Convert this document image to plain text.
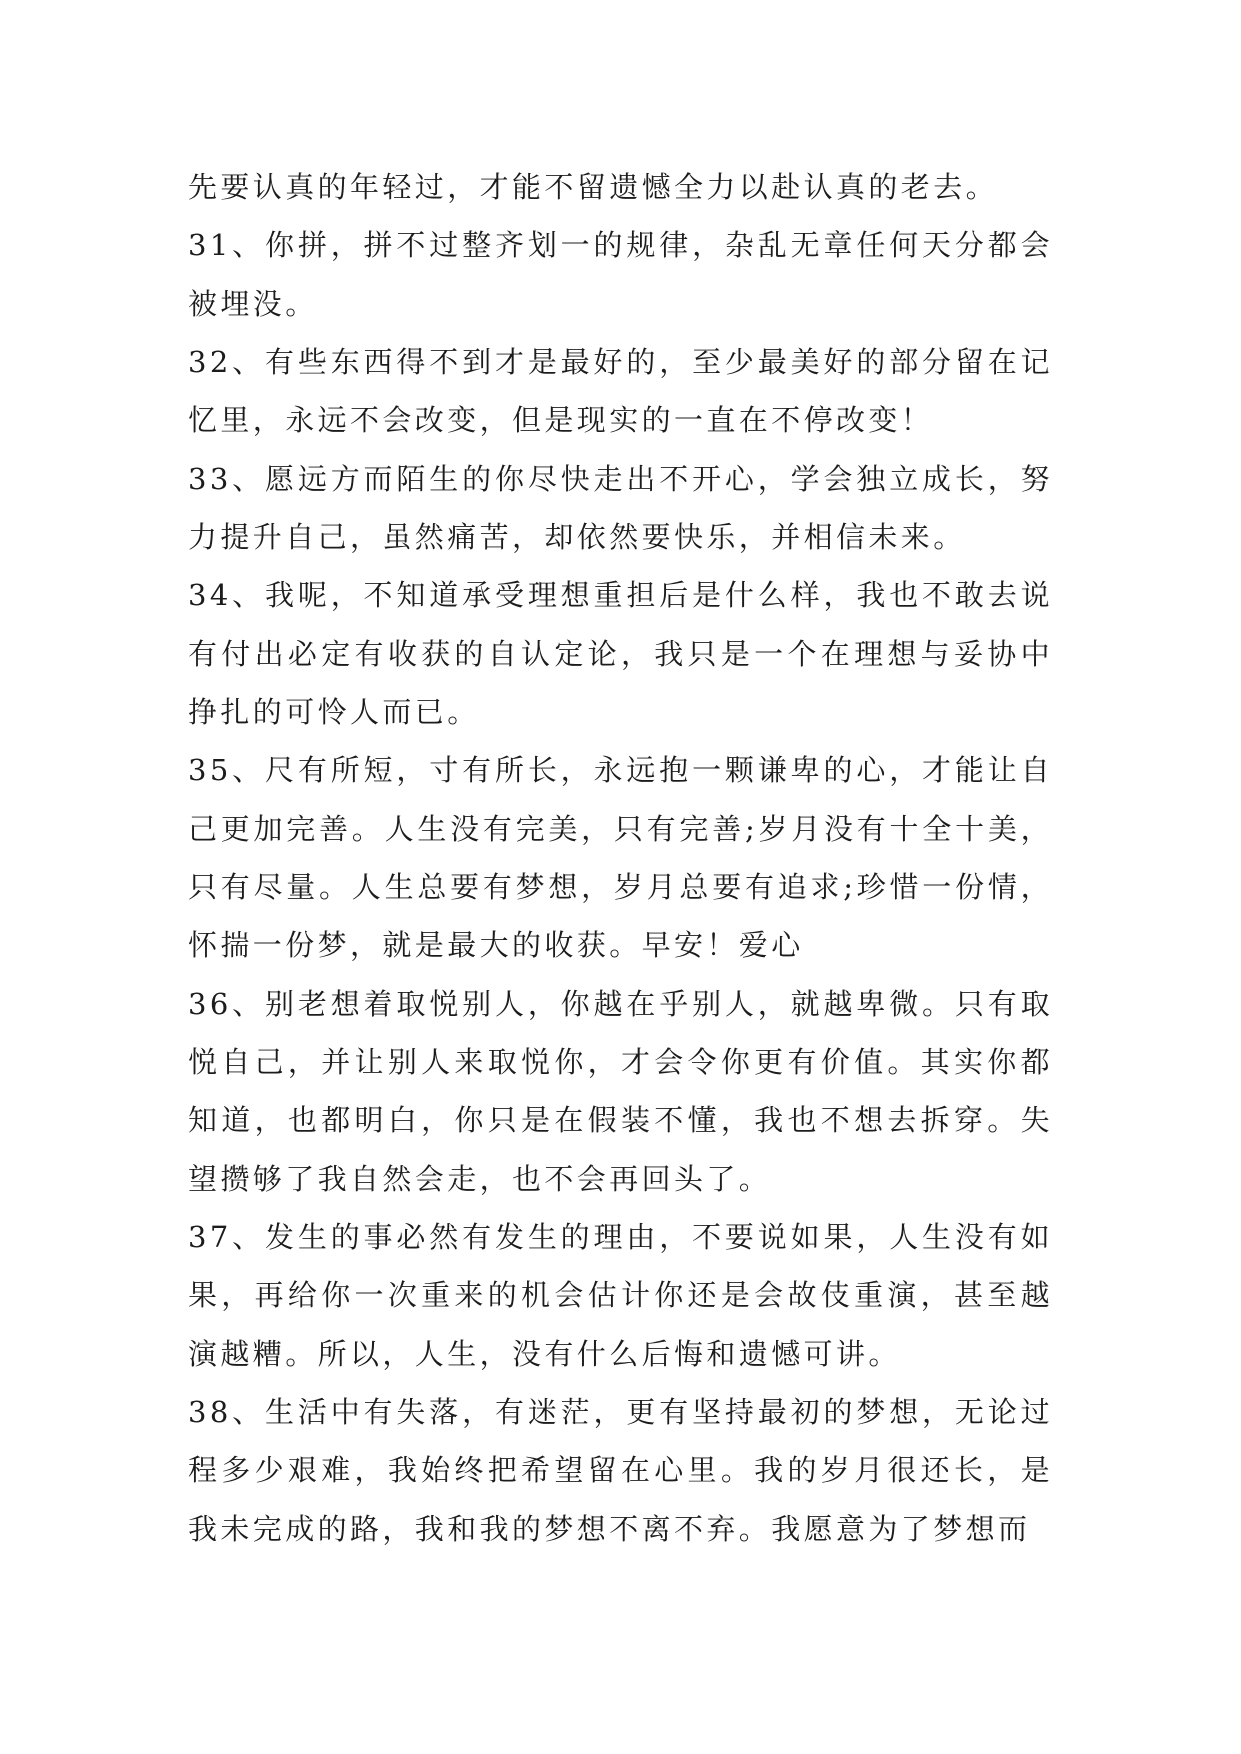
先要认真的年轻过，才能不留遗憾全力以赴认真的老去。
31、你拼，拼不过整齐划一的规律，杂乱无章任何天分都会
被埋没。
32、有些东西得不到才是最好的，至少最美好的部分留在记
忆里，永远不会改变，但是现实的一直在不停改变！
33、愿远方而陌生的你尽快走出不开心，学会独立成长，努
力提升自己，虽然痛苦，却依然要快乐，并相信未来。
34、我呢，不知道承受理想重担后是什么样，我也不敢去说
有付出必定有收获的自认定论，我只是一个在理想与妥协中
挣扎的可怜人而已。
35、尺有所短，寸有所长，永远抱一颗谦卑的心，才能让自
己更加完善。人生没有完美，只有完善;岁月没有十全十美，
只有尽量。人生总要有梦想，岁月总要有追求;珍惜一份情，
怀揣一份梦，就是最大的收获。早安！爱心
36、别老想着取悦别人，你越在乎别人，就越卑微。只有取
悦自己，并让别人来取悦你，才会令你更有价值。其实你都
知道，也都明白，你只是在假装不懂，我也不想去拆穿。失
望攒够了我自然会走，也不会再回头了。
37、发生的事必然有发生的理由，不要说如果，人生没有如
果，再给你一次重来的机会估计你还是会故伎重演，甚至越
演越糟。所以，人生，没有什么后悔和遗憾可讲。
38、生活中有失落，有迷茫，更有坚持最初的梦想，无论过
程多少艰难，我始终把希望留在心里。我的岁月很还长，是
我未完成的路，我和我的梦想不离不弃。我愿意为了梦想而
